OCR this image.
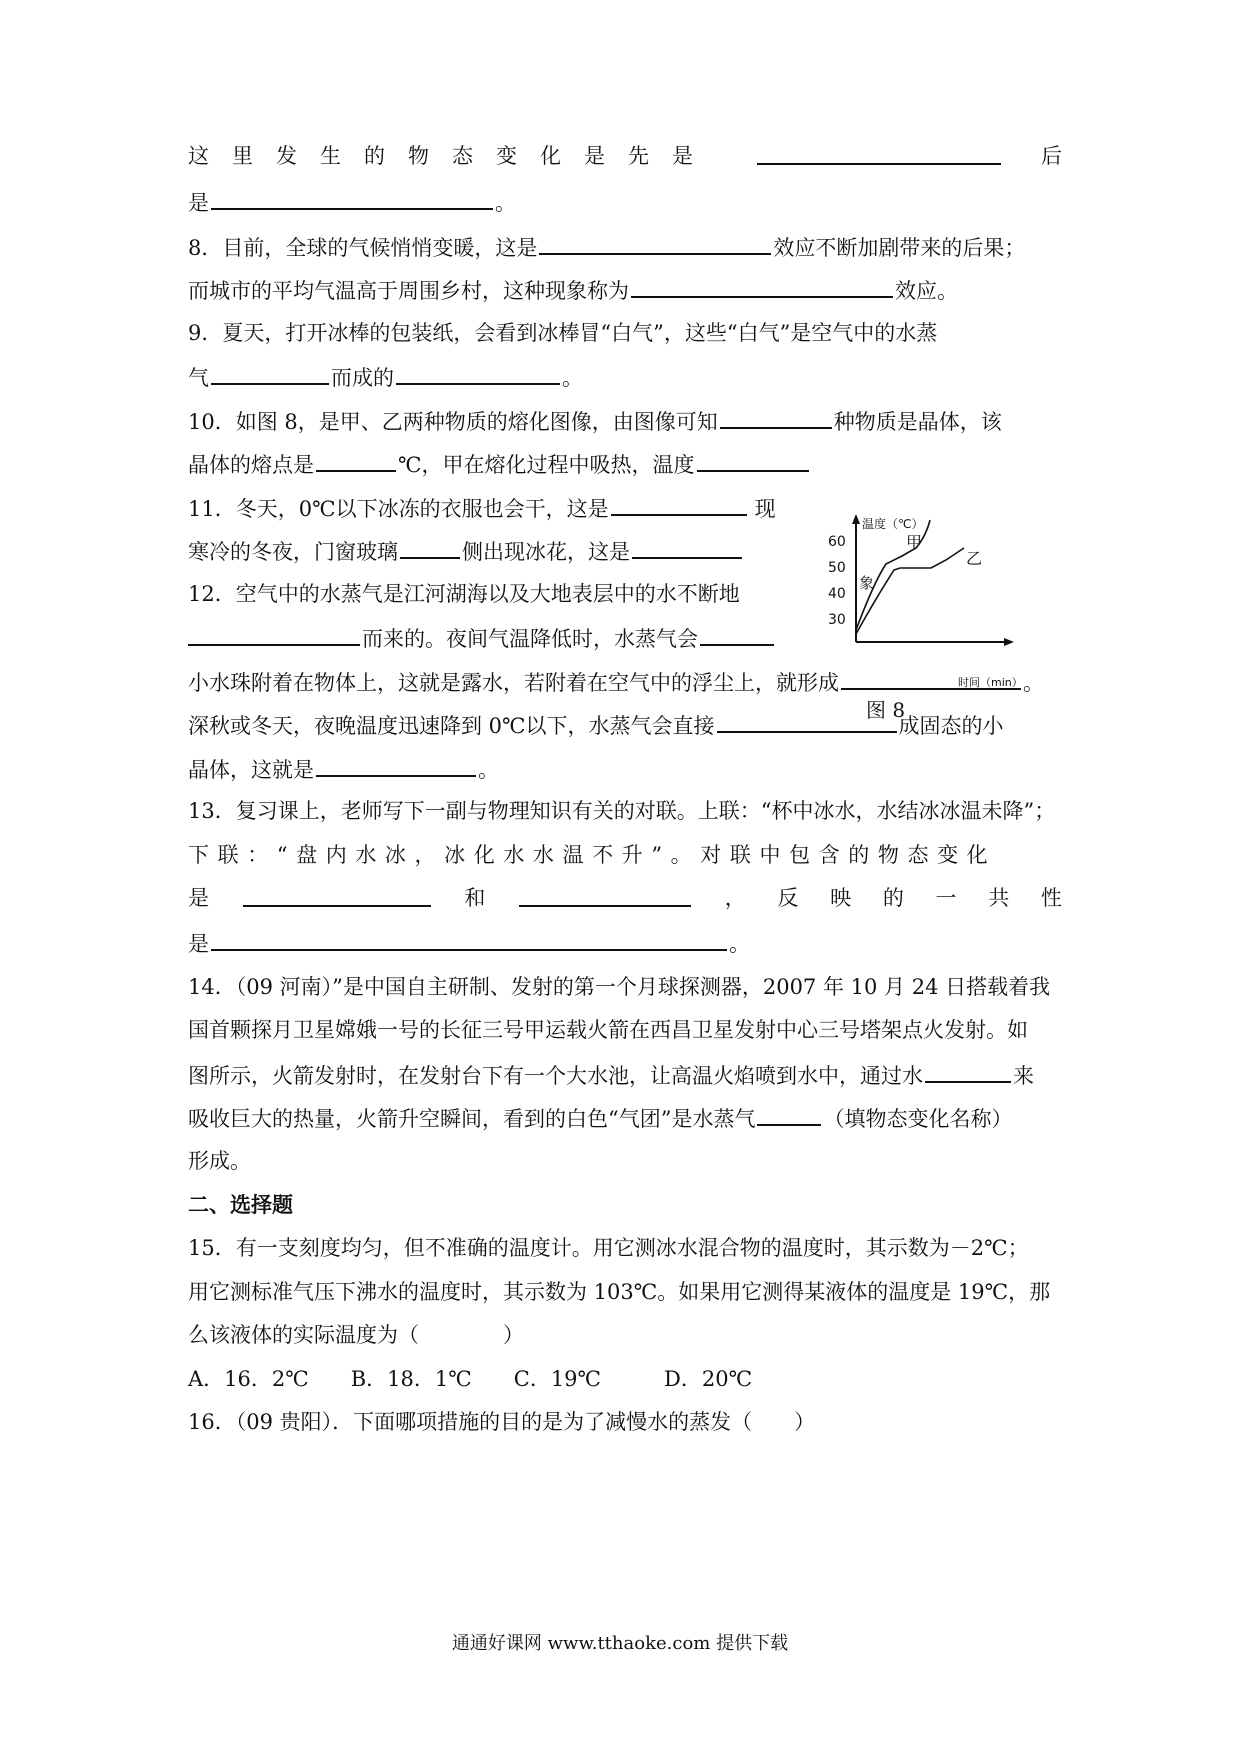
这里发生的物态变化是先是	后
是	。
8．目前，全球的气候悄悄变暖，这是	效应不断加剧带来的后果；
而城市的平均气温高于周围乡村，这种现象称为	效应。
9．夏天，打开冰棒的包装纸，会看到冰棒冒“白气”，这些“白气”是空气中的水蒸
气	而成的	。
10．如图 8，是甲、乙两种物质的熔化图像，由图像可知	种物质是晶体，该
晶体的熔点是	℃，甲在熔化过程中吸热，温度
11．冬天，0℃以下冰冻的衣服也会干，这是	现
寒冷的冬夜，门窗玻璃	侧出现冰花，这是
12．空气中的水蒸气是江河湖海以及大地表层中的水不断地
而来的。夜间气温降低时，水蒸气会
小水珠附着在物体上，这就是露水，若附着在空气中的浮尘上，就形成	。
深秋或冬天，夜晚温度迅速降到 0℃以下，水蒸气会直接	成固态的小
晶体，这就是	。
13．复习课上，老师写下一副与物理知识有关的对联。上联：“杯中冰水，水结冰冰温未降”；
下联：“盘内水冰，冰化水水温不升”。对联中包含的物态变化
是	和	， 反 映 的 一 共 性
是	。
14．（09 河南）”是中国自主研制、发射的第一个月球探测器，2007 年 10 月 24 日搭载着我
国首颗探月卫星嫦娥一号的长征三号甲运载火箭在西昌卫星发射中心三号塔架点火发射。如
图所示，火箭发射时，在发射台下有一个大水池，让高温火焰喷到水中，通过水	来
吸收巨大的热量，火箭升空瞬间，看到的白色“气团”是水蒸气	（填物态变化名称）
形成。
二、选择题
15．有一支刻度均匀，但不准确的温度计。用它测冰水混合物的温度时，其示数为－2℃；
用它测标准气压下沸水的温度时，其示数为 103℃。如果用它测得某液体的温度是 19℃，那
么该液体的实际温度为（　　　　）
A．16．2℃　　B．18．1℃　　C．19℃　　　D．20℃
16．（09 贵阳）．下面哪项措施的目的是为了减慢水的蒸发（　　）
温度（℃）
60
50
40
30
甲
乙
象
时间（min）
图 8
通通好课网 www.tthaoke.com 提供下载
